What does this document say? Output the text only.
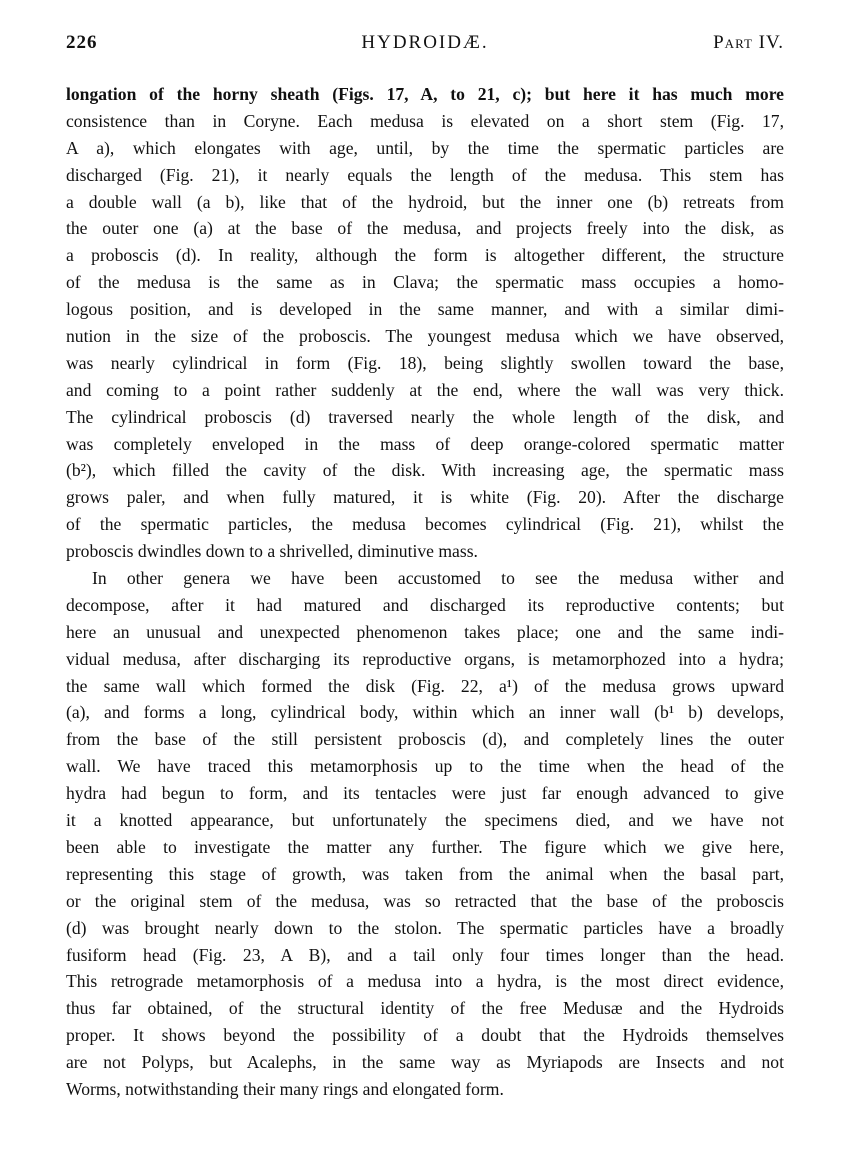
226	HYDROIDÆ.	Part IV.
longation of the horny sheath (Figs. 17, A, to 21, c); but here it has much more
consistence than in Coryne. Each medusa is elevated on a short stem (Fig. 17,
A a), which elongates with age, until, by the time the spermatic particles are
discharged (Fig. 21), it nearly equals the length of the medusa. This stem has
a double wall (a b), like that of the hydroid, but the inner one (b) retreats from
the outer one (a) at the base of the medusa, and projects freely into the disk, as
a proboscis (d). In reality, although the form is altogether different, the structure
of the medusa is the same as in Clava; the spermatic mass occupies a homo-
logous position, and is developed in the same manner, and with a similar dimi-
nution in the size of the proboscis. The youngest medusa which we have observed,
was nearly cylindrical in form (Fig. 18), being slightly swollen toward the base,
and coming to a point rather suddenly at the end, where the wall was very thick.
The cylindrical proboscis (d) traversed nearly the whole length of the disk, and
was completely enveloped in the mass of deep orange-colored spermatic matter
(b²), which filled the cavity of the disk. With increasing age, the spermatic mass
grows paler, and when fully matured, it is white (Fig. 20). After the discharge
of the spermatic particles, the medusa becomes cylindrical (Fig. 21), whilst the
proboscis dwindles down to a shrivelled, diminutive mass.
In other genera we have been accustomed to see the medusa wither and
decompose, after it had matured and discharged its reproductive contents; but
here an unusual and unexpected phenomenon takes place; one and the same indi-
vidual medusa, after discharging its reproductive organs, is metamorphozed into a hydra;
the same wall which formed the disk (Fig. 22, a¹) of the medusa grows upward
(a), and forms a long, cylindrical body, within which an inner wall (b¹ b) develops,
from the base of the still persistent proboscis (d), and completely lines the outer
wall. We have traced this metamorphosis up to the time when the head of the
hydra had begun to form, and its tentacles were just far enough advanced to give
it a knotted appearance, but unfortunately the specimens died, and we have not
been able to investigate the matter any further. The figure which we give here,
representing this stage of growth, was taken from the animal when the basal part,
or the original stem of the medusa, was so retracted that the base of the proboscis
(d) was brought nearly down to the stolon. The spermatic particles have a broadly
fusiform head (Fig. 23, A B), and a tail only four times longer than the head.
This retrograde metamorphosis of a medusa into a hydra, is the most direct evidence,
thus far obtained, of the structural identity of the free Medusæ and the Hydroids
proper. It shows beyond the possibility of a doubt that the Hydroids themselves
are not Polyps, but Acalephs, in the same way as Myriapods are Insects and not
Worms, notwithstanding their many rings and elongated form.
